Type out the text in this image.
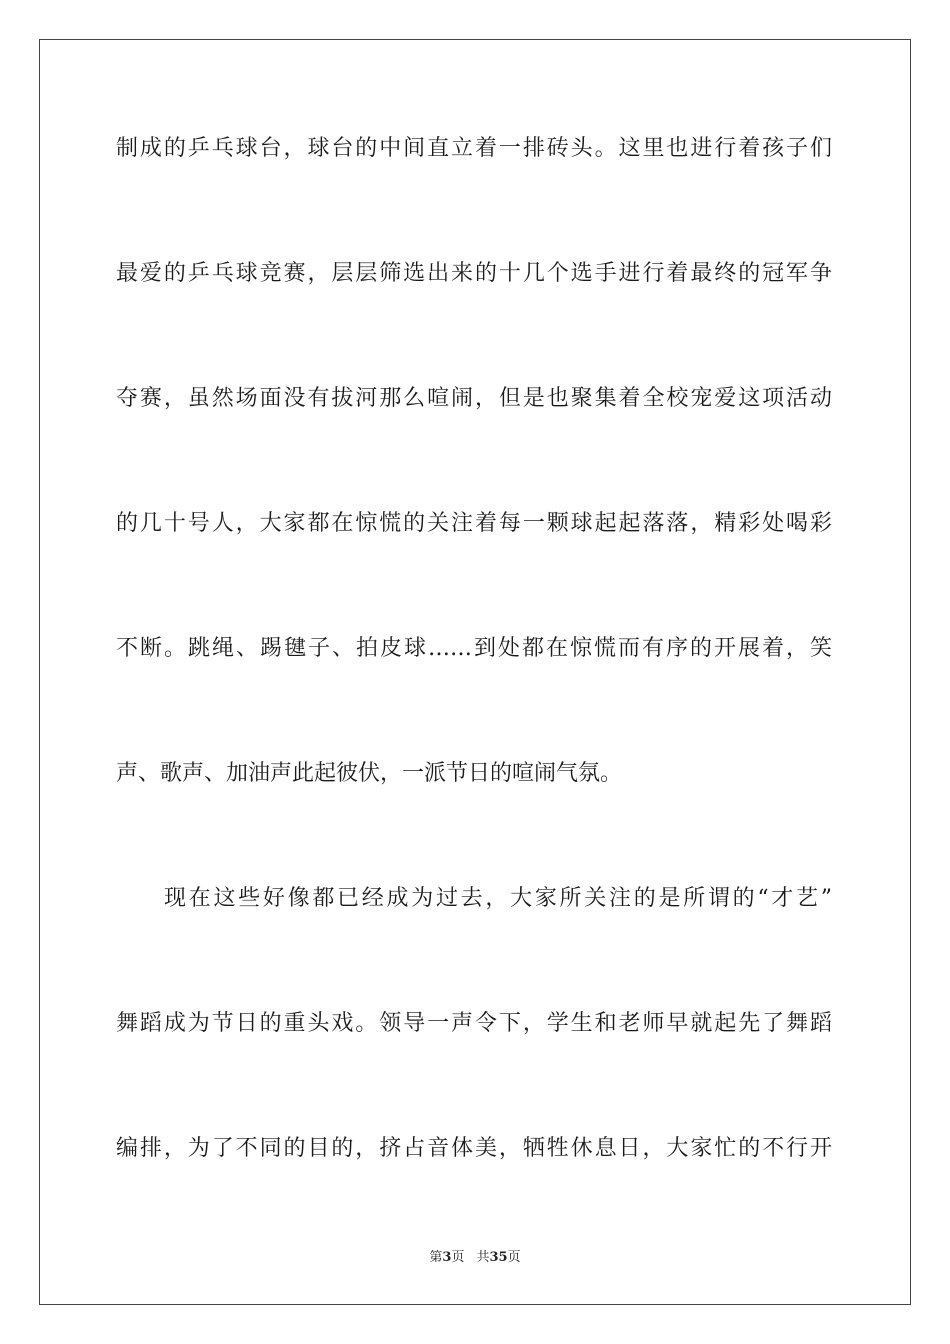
制成的乒乓球台，球台的中间直立着一排砖头。这里也进行着孩子们
最爱的乒乓球竞赛，层层筛选出来的十几个选手进行着最终的冠军争
夺赛，虽然场面没有拔河那么喧闹，但是也聚集着全校宠爱这项活动
的几十号人，大家都在惊慌的关注着每一颗球起起落落，精彩处喝彩
不断。跳绳、踢毽子、拍皮球……到处都在惊慌而有序的开展着，笑
声、歌声、加油声此起彼伏，一派节日的喧闹气氛。
现在这些好像都已经成为过去，大家所关注的是所谓的“才艺”
舞蹈成为节日的重头戏。领导一声令下，学生和老师早就起先了舞蹈
编排，为了不同的目的，挤占音体美，牺牲休息日，大家忙的不行开
第3页 共35页
